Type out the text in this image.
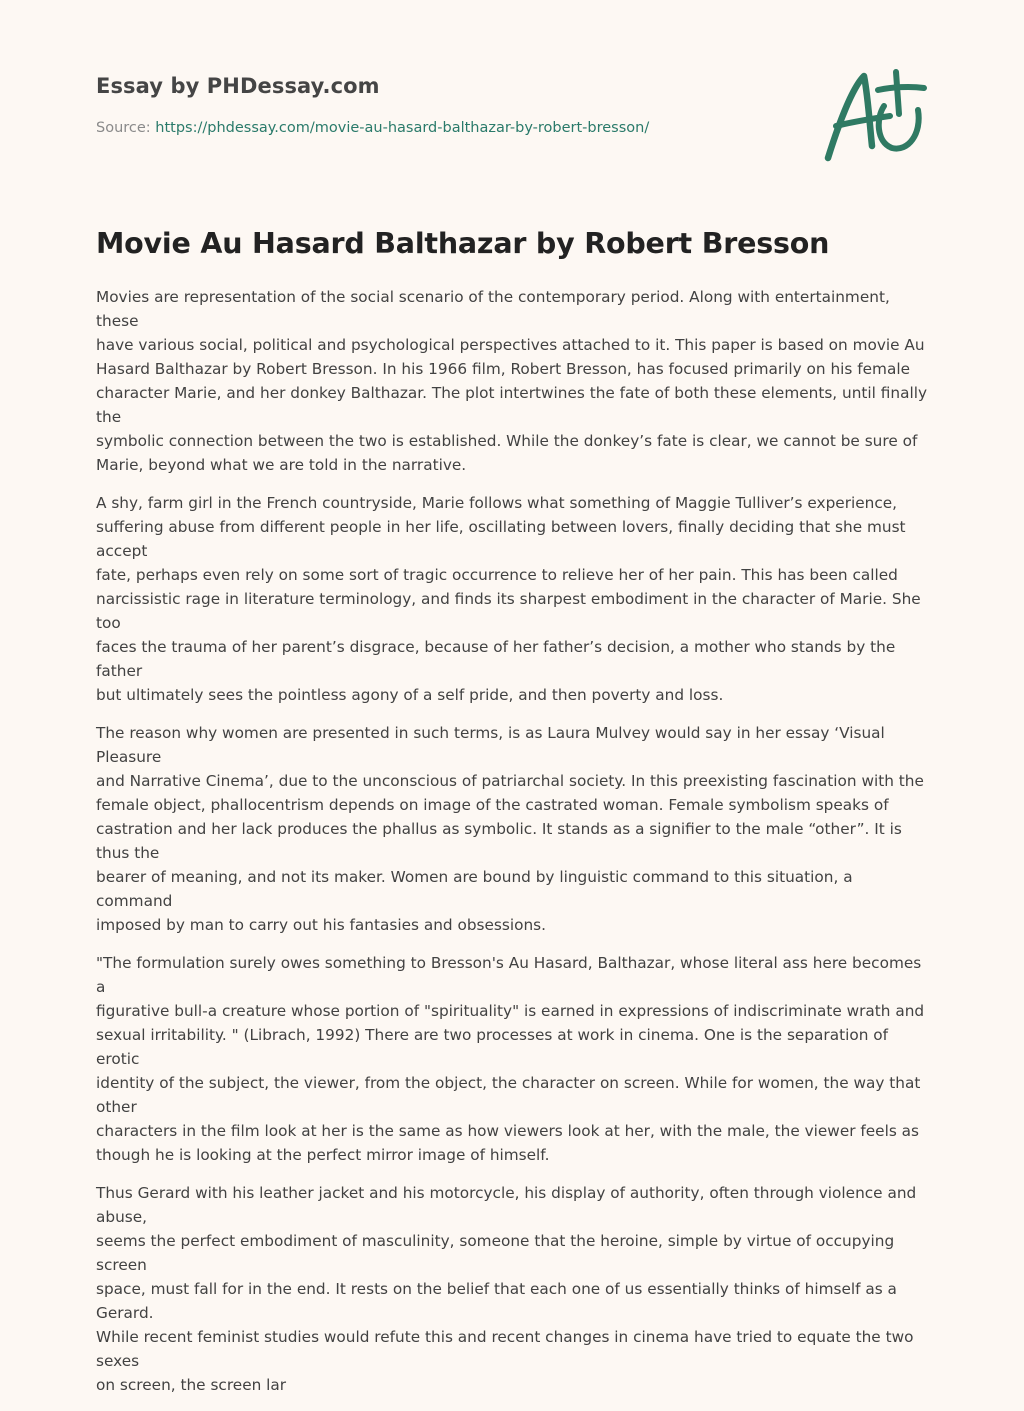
Essay by PHDessay.com
Source: https://phdessay.com/movie-au-hasard-balthazar-by-robert-bresson/
Movie Au Hasard Balthazar by Robert Bresson

Movies are representation of the social scenario of the contemporary period. Along with entertainment, these
have various social, political and psychological perspectives attached to it. This paper is based on movie Au
Hasard Balthazar by Robert Bresson. In his 1966 film, Robert Bresson, has focused primarily on his female
character Marie, and her donkey Balthazar. The plot intertwines the fate of both these elements, until finally the
symbolic connection between the two is established. While the donkey’s fate is clear, we cannot be sure of
Marie, beyond what we are told in the narrative.

A shy, farm girl in the French countryside, Marie follows what something of Maggie Tulliver’s experience,
suffering abuse from different people in her life, oscillating between lovers, finally deciding that she must accept
fate, perhaps even rely on some sort of tragic occurrence to relieve her of her pain. This has been called
narcissistic rage in literature terminology, and finds its sharpest embodiment in the character of Marie. She too
faces the trauma of her parent’s disgrace, because of her father’s decision, a mother who stands by the father
but ultimately sees the pointless agony of a self pride, and then poverty and loss.

The reason why women are presented in such terms, is as Laura Mulvey would say in her essay ‘Visual Pleasure
and Narrative Cinema’, due to the unconscious of patriarchal society. In this preexisting fascination with the
female object, phallocentrism depends on image of the castrated woman. Female symbolism speaks of
castration and her lack produces the phallus as symbolic. It stands as a signifier to the male “other”. It is thus the
bearer of meaning, and not its maker. Women are bound by linguistic command to this situation, a command
imposed by man to carry out his fantasies and obsessions.

"The formulation surely owes something to Bresson's Au Hasard, Balthazar, whose literal ass here becomes a
figurative bull-a creature whose portion of "spirituality" is earned in expressions of indiscriminate wrath and
sexual irritability. " (Librach, 1992) There are two processes at work in cinema. One is the separation of erotic
identity of the subject, the viewer, from the object, the character on screen. While for women, the way that other
characters in the film look at her is the same as how viewers look at her, with the male, the viewer feels as
though he is looking at the perfect mirror image of himself.

Thus Gerard with his leather jacket and his motorcycle, his display of authority, often through violence and abuse,
seems the perfect embodiment of masculinity, someone that the heroine, simple by virtue of occupying screen
space, must fall for in the end. It rests on the belief that each one of us essentially thinks of himself as a Gerard.
While recent feminist studies would refute this and recent changes in cinema have tried to equate the two sexes
on screen, the screen lar
